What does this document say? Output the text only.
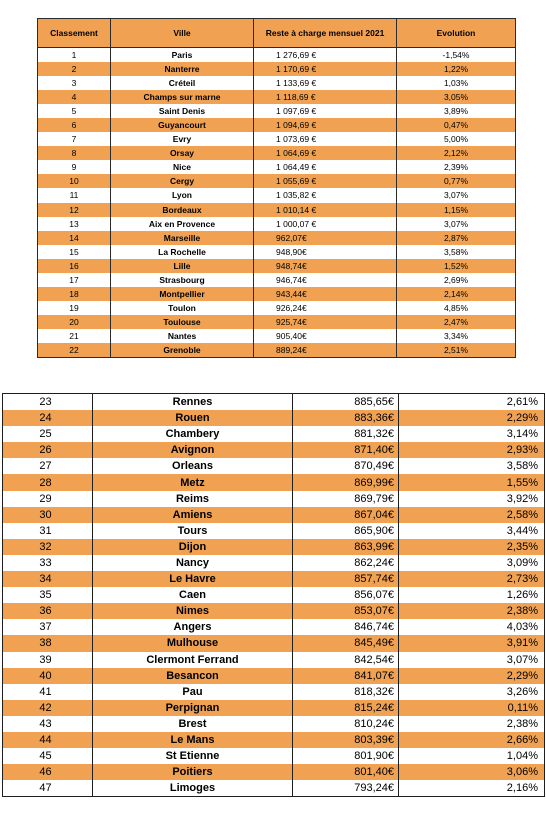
Classement	Ville	Reste à charge mensuel 2021	Evolution
1	Paris	1 276,69 €	-1,54%
2	Nanterre	1 170,69 €	1,22%
3	Créteil	1 133,69 €	1,03%
4	Champs sur marne	1 118,69 €	3,05%
5	Saint Denis	1 097,69 €	3,89%
6	Guyancourt	1 094,69 €	0,47%
7	Evry	1 073,69 €	5,00%
8	Orsay	1 064,69 €	2,12%
9	Nice	1 064,49 €	2,39%
10	Cergy	1 055,69 €	0,77%
11	Lyon	1 035,82 €	3,07%
12	Bordeaux	1 010,14 €	1,15%
13	Aix en Provence	1 000,07 €	3,07%
14	Marseille	962,07€	2,87%
15	La Rochelle	948,90€	3,58%
16	Lille	948,74€	1,52%
17	Strasbourg	946,74€	2,69%
18	Montpellier	943,44€	2,14%
19	Toulon	926,24€	4,85%
20	Toulouse	925,74€	2,47%
21	Nantes	905,40€	3,34%
22	Grenoble	889,24€	2,51%
23	Rennes	885,65€	2,61%
24	Rouen	883,36€	2,29%
25	Chambery	881,32€	3,14%
26	Avignon	871,40€	2,93%
27	Orleans	870,49€	3,58%
28	Metz	869,99€	1,55%
29	Reims	869,79€	3,92%
30	Amiens	867,04€	2,58%
31	Tours	865,90€	3,44%
32	Dijon	863,99€	2,35%
33	Nancy	862,24€	3,09%
34	Le Havre	857,74€	2,73%
35	Caen	856,07€	1,26%
36	Nimes	853,07€	2,38%
37	Angers	846,74€	4,03%
38	Mulhouse	845,49€	3,91%
39	Clermont Ferrand	842,54€	3,07%
40	Besancon	841,07€	2,29%
41	Pau	818,32€	3,26%
42	Perpignan	815,24€	0,11%
43	Brest	810,24€	2,38%
44	Le Mans	803,39€	2,66%
45	St Etienne	801,90€	1,04%
46	Poitiers	801,40€	3,06%
47	Limoges	793,24€	2,16%
